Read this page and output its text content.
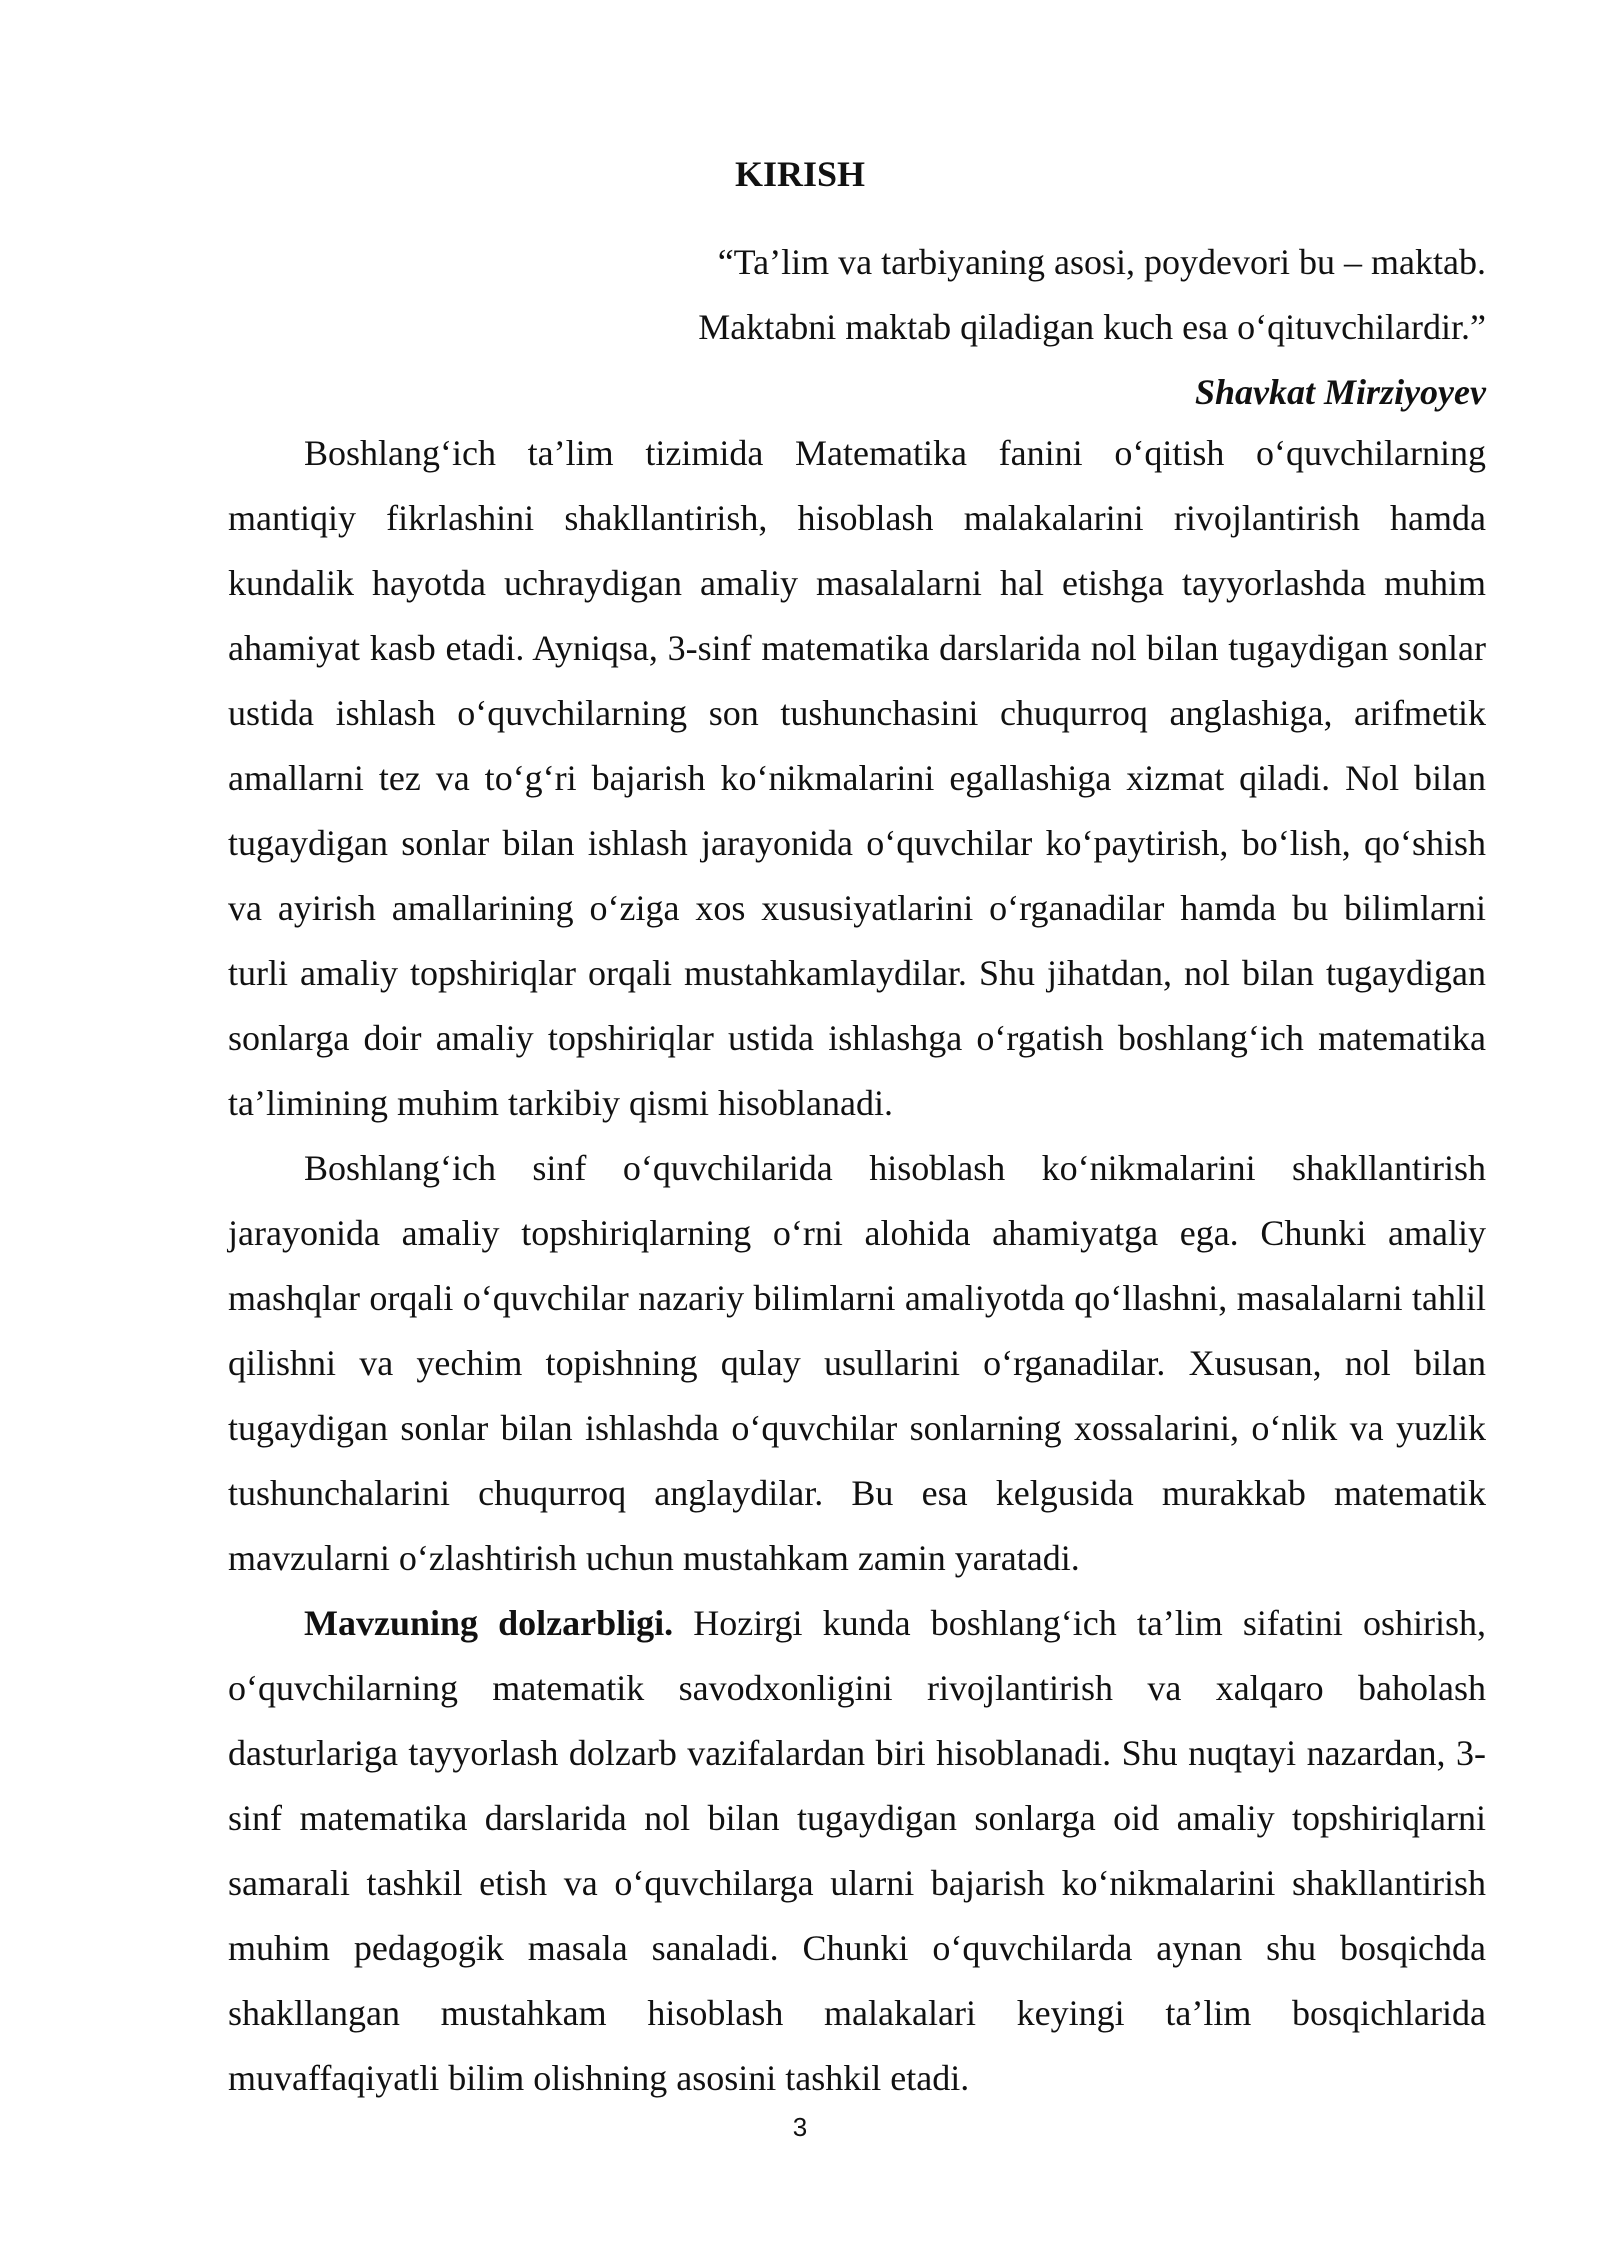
KIRISH
“Ta’lim va tarbiyaning asosi, poydevori bu – maktab.
Maktabni maktab qiladigan kuch esa o‘qituvchilardir.”
Shavkat Mirziyoyev

Boshlang‘ich ta’lim tizimida Matematika fanini o‘qitish o‘quvchilarning mantiqiy fikrlashini shakllantirish, hisoblash malakalarini rivojlantirish hamda kundalik hayotda uchraydigan amaliy masalalarni hal etishga tayyorlashda muhim ahamiyat kasb etadi. Ayniqsa, 3-sinf matematika darslarida nol bilan tugaydigan sonlar ustida ishlash o‘quvchilarning son tushunchasini chuqurroq anglashiga, arifmetik amallarni tez va to‘g‘ri bajarish ko‘nikmalarini egallashiga xizmat qiladi. Nol bilan tugaydigan sonlar bilan ishlash jarayonida o‘quvchilar ko‘paytirish, bo‘lish, qo‘shish va ayirish amallarining o‘ziga xos xususiyatlarini o‘rganadilar hamda bu bilimlarni turli amaliy topshiriqlar orqali mustahkamlaydilar. Shu jihatdan, nol bilan tugaydigan sonlarga doir amaliy topshiriqlar ustida ishlashga o‘rgatish boshlang‘ich matematika ta’limining muhim tarkibiy qismi hisoblanadi.

Boshlang‘ich sinf o‘quvchilarida hisoblash ko‘nikmalarini shakllantirish jarayonida amaliy topshiriqlarning o‘rni alohida ahamiyatga ega. Chunki amaliy mashqlar orqali o‘quvchilar nazariy bilimlarni amaliyotda qo‘llashni, masalalarni tahlil qilishni va yechim topishning qulay usullarini o‘rganadilar. Xususan, nol bilan tugaydigan sonlar bilan ishlashda o‘quvchilar sonlarning xossalarini, o‘nlik va yuzlik tushunchalarini chuqurroq anglaydilar. Bu esa kelgusida murakkab matematik mavzularni o‘zlashtirish uchun mustahkam zamin yaratadi.

Mavzuning dolzarbligi. Hozirgi kunda boshlang‘ich ta’lim sifatini oshirish, o‘quvchilarning matematik savodxonligini rivojlantirish va xalqaro baholash dasturlariga tayyorlash dolzarb vazifalardan biri hisoblanadi. Shu nuqtayi nazardan, 3-sinf matematika darslarida nol bilan tugaydigan sonlarga oid amaliy topshiriqlarni samarali tashkil etish va o‘quvchilarga ularni bajarish ko‘nikmalarini shakllantirish muhim pedagogik masala sanaladi. Chunki o‘quvchilarda aynan shu bosqichda shakllangan mustahkam hisoblash malakalari keyingi ta’lim bosqichlarida muvaffaqiyatli bilim olishning asosini tashkil etadi.

3
